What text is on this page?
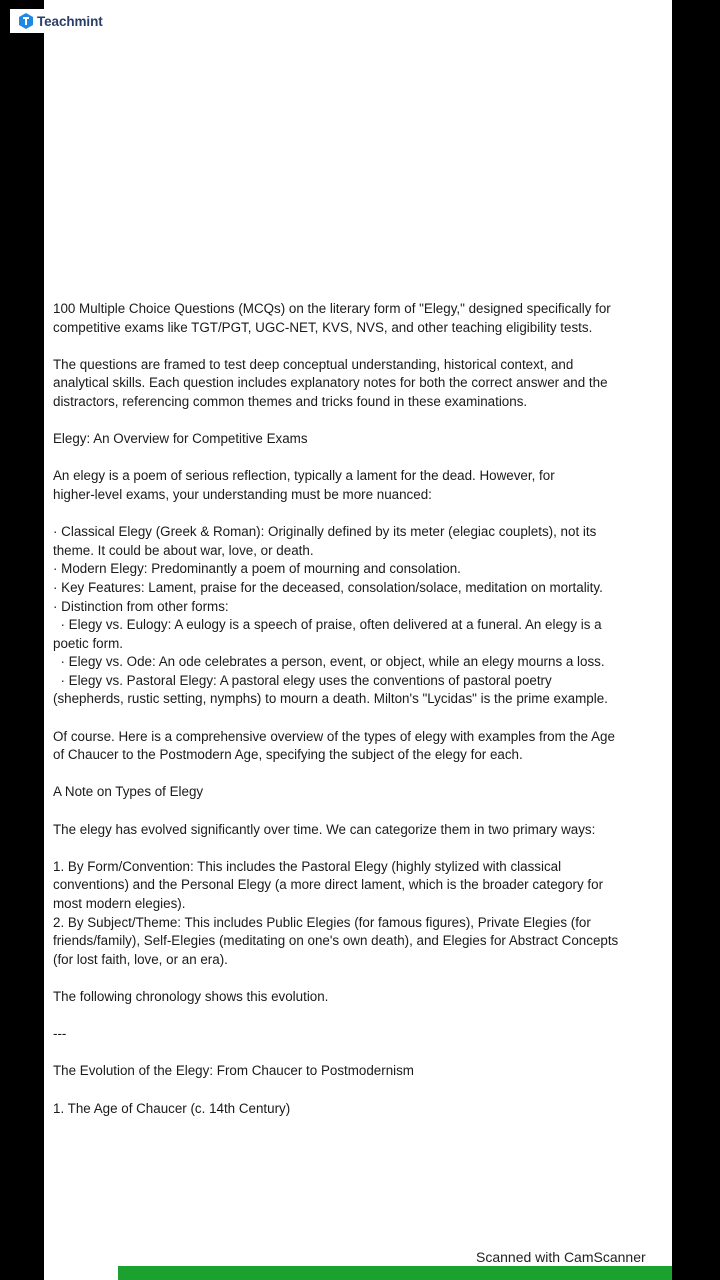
Teachmint
100 Multiple Choice Questions (MCQs) on the literary form of "Elegy," designed specifically for
competitive exams like TGT/PGT, UGC-NET, KVS, NVS, and other teaching eligibility tests.
The questions are framed to test deep conceptual understanding, historical context, and
analytical skills. Each question includes explanatory notes for both the correct answer and the
distractors, referencing common themes and tricks found in these examinations.
Elegy: An Overview for Competitive Exams
An elegy is a poem of serious reflection, typically a lament for the dead. However, for
higher-level exams, your understanding must be more nuanced:
· Classical Elegy (Greek & Roman): Originally defined by its meter (elegiac couplets), not its
theme. It could be about war, love, or death.
· Modern Elegy: Predominantly a poem of mourning and consolation.
· Key Features: Lament, praise for the deceased, consolation/solace, meditation on mortality.
· Distinction from other forms:
· Elegy vs. Eulogy: A eulogy is a speech of praise, often delivered at a funeral. An elegy is a
poetic form.
· Elegy vs. Ode: An ode celebrates a person, event, or object, while an elegy mourns a loss.
· Elegy vs. Pastoral Elegy: A pastoral elegy uses the conventions of pastoral poetry
(shepherds, rustic setting, nymphs) to mourn a death. Milton's "Lycidas" is the prime example.
Of course. Here is a comprehensive overview of the types of elegy with examples from the Age
of Chaucer to the Postmodern Age, specifying the subject of the elegy for each.
A Note on Types of Elegy
The elegy has evolved significantly over time. We can categorize them in two primary ways:
1. By Form/Convention: This includes the Pastoral Elegy (highly stylized with classical
conventions) and the Personal Elegy (a more direct lament, which is the broader category for
most modern elegies).
2. By Subject/Theme: This includes Public Elegies (for famous figures), Private Elegies (for
friends/family), Self-Elegies (meditating on one's own death), and Elegies for Abstract Concepts
(for lost faith, love, or an era).
The following chronology shows this evolution.
---
The Evolution of the Elegy: From Chaucer to Postmodernism
1. The Age of Chaucer (c. 14th Century)
Scanned with CamScanner
